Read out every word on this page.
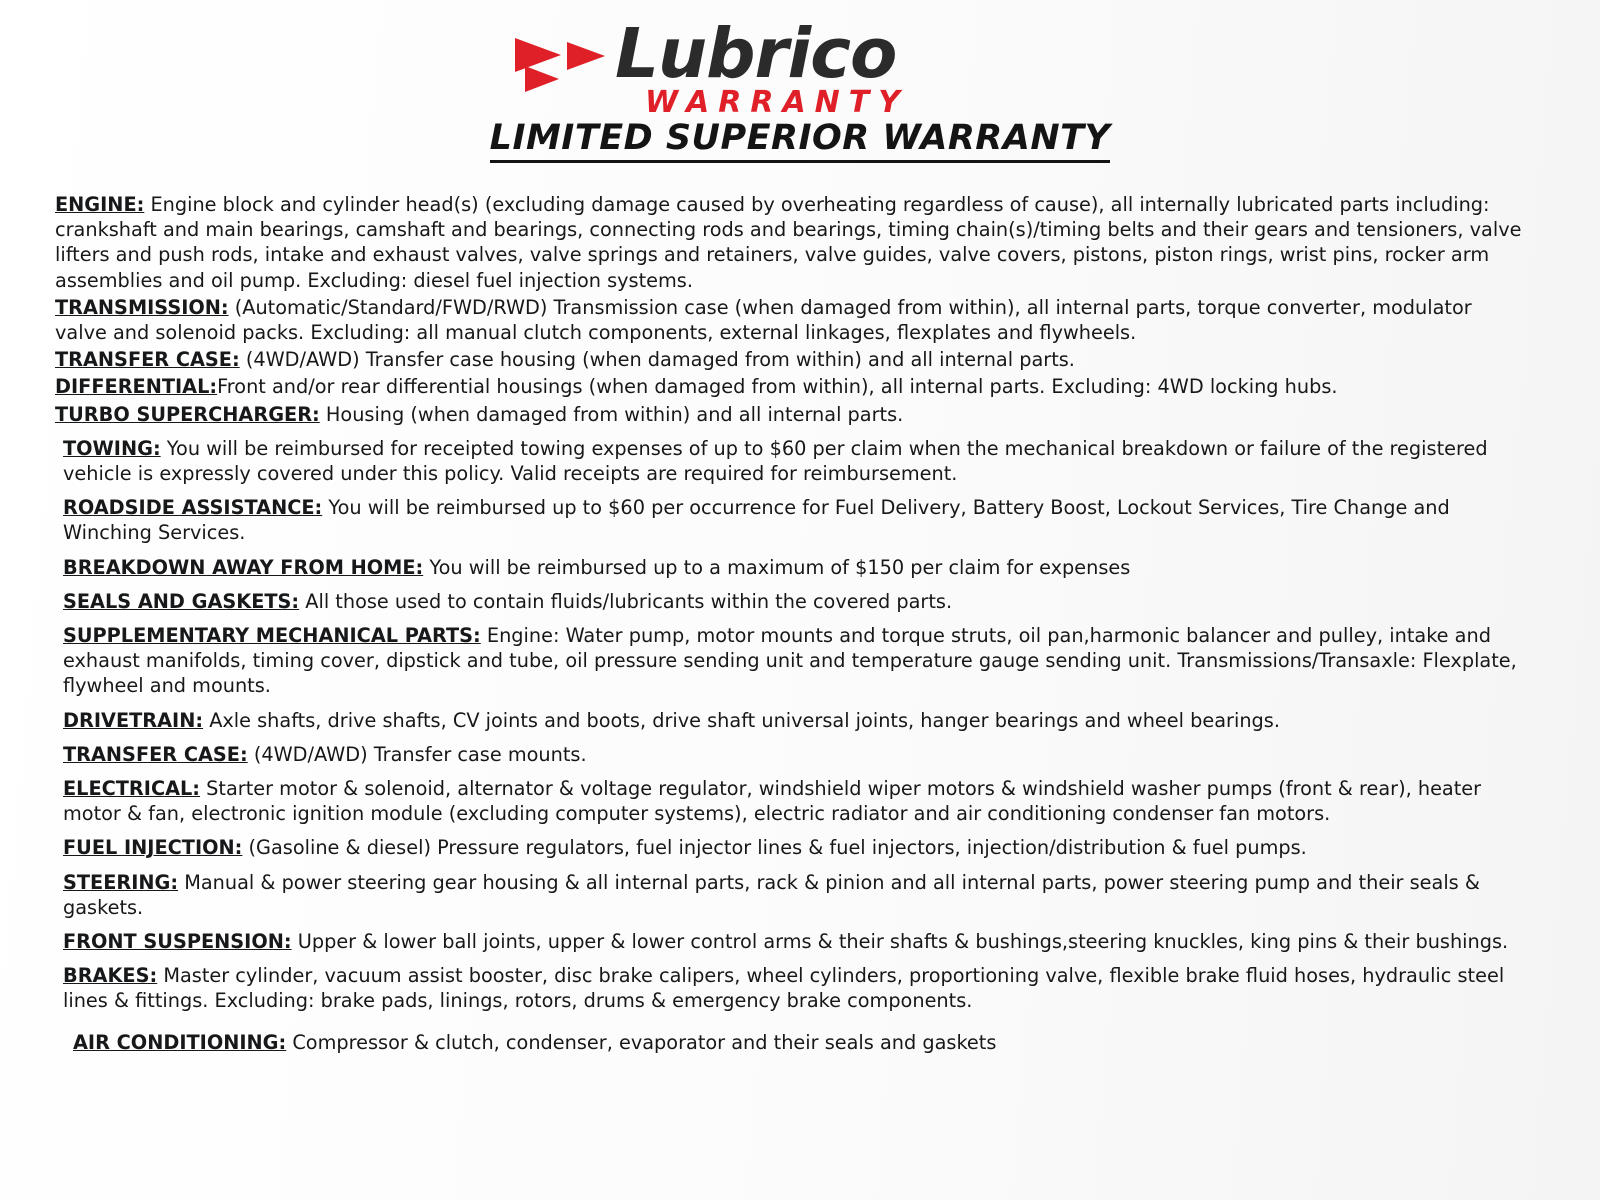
Lubrico
WARRANTY
LIMITED SUPERIOR WARRANTY

ENGINE: Engine block and cylinder head(s) (excluding damage caused by overheating regardless of cause), all internally lubricated parts including: crankshaft and main bearings, camshaft and bearings, connecting rods and bearings, timing chain(s)/timing belts and their gears and tensioners, valve lifters and push rods, intake and exhaust valves, valve springs and retainers, valve guides, valve covers, pistons, piston rings, wrist pins, rocker arm assemblies and oil pump. Excluding: diesel fuel injection systems.

TRANSMISSION: (Automatic/Standard/FWD/RWD) Transmission case (when damaged from within), all internal parts, torque converter, modulator valve and solenoid packs. Excluding: all manual clutch components, external linkages, flexplates and flywheels.

TRANSFER CASE: (4WD/AWD) Transfer case housing (when damaged from within) and all internal parts.

DIFFERENTIAL:Front and/or rear differential housings (when damaged from within), all internal parts. Excluding: 4WD locking hubs.

TURBO SUPERCHARGER: Housing (when damaged from within) and all internal parts.

TOWING: You will be reimbursed for receipted towing expenses of up to $60 per claim when the mechanical breakdown or failure of the registered vehicle is expressly covered under this policy. Valid receipts are required for reimbursement.

ROADSIDE ASSISTANCE: You will be reimbursed up to $60 per occurrence for Fuel Delivery, Battery Boost, Lockout Services, Tire Change and Winching Services.

BREAKDOWN AWAY FROM HOME: You will be reimbursed up to a maximum of $150 per claim for expenses

SEALS AND GASKETS: All those used to contain fluids/lubricants within the covered parts.

SUPPLEMENTARY MECHANICAL PARTS: Engine: Water pump, motor mounts and torque struts, oil pan,harmonic balancer and pulley, intake and exhaust manifolds, timing cover, dipstick and tube, oil pressure sending unit and temperature gauge sending unit. Transmissions/Transaxle: Flexplate, flywheel and mounts.

DRIVETRAIN: Axle shafts, drive shafts, CV joints and boots, drive shaft universal joints, hanger bearings and wheel bearings.

TRANSFER CASE: (4WD/AWD) Transfer case mounts.

ELECTRICAL: Starter motor & solenoid, alternator & voltage regulator, windshield wiper motors & windshield washer pumps (front & rear), heater motor & fan, electronic ignition module (excluding computer systems), electric radiator and air conditioning condenser fan motors.

FUEL INJECTION: (Gasoline & diesel) Pressure regulators, fuel injector lines & fuel injectors, injection/distribution & fuel pumps.

STEERING: Manual & power steering gear housing & all internal parts, rack & pinion and all internal parts, power steering pump and their seals & gaskets.

FRONT SUSPENSION: Upper & lower ball joints, upper & lower control arms & their shafts & bushings,steering knuckles, king pins & their bushings.

BRAKES: Master cylinder, vacuum assist booster, disc brake calipers, wheel cylinders, proportioning valve, flexible brake fluid hoses, hydraulic steel lines & fittings. Excluding: brake pads, linings, rotors, drums & emergency brake components.

AIR CONDITIONING: Compressor & clutch, condenser, evaporator and their seals and gaskets
